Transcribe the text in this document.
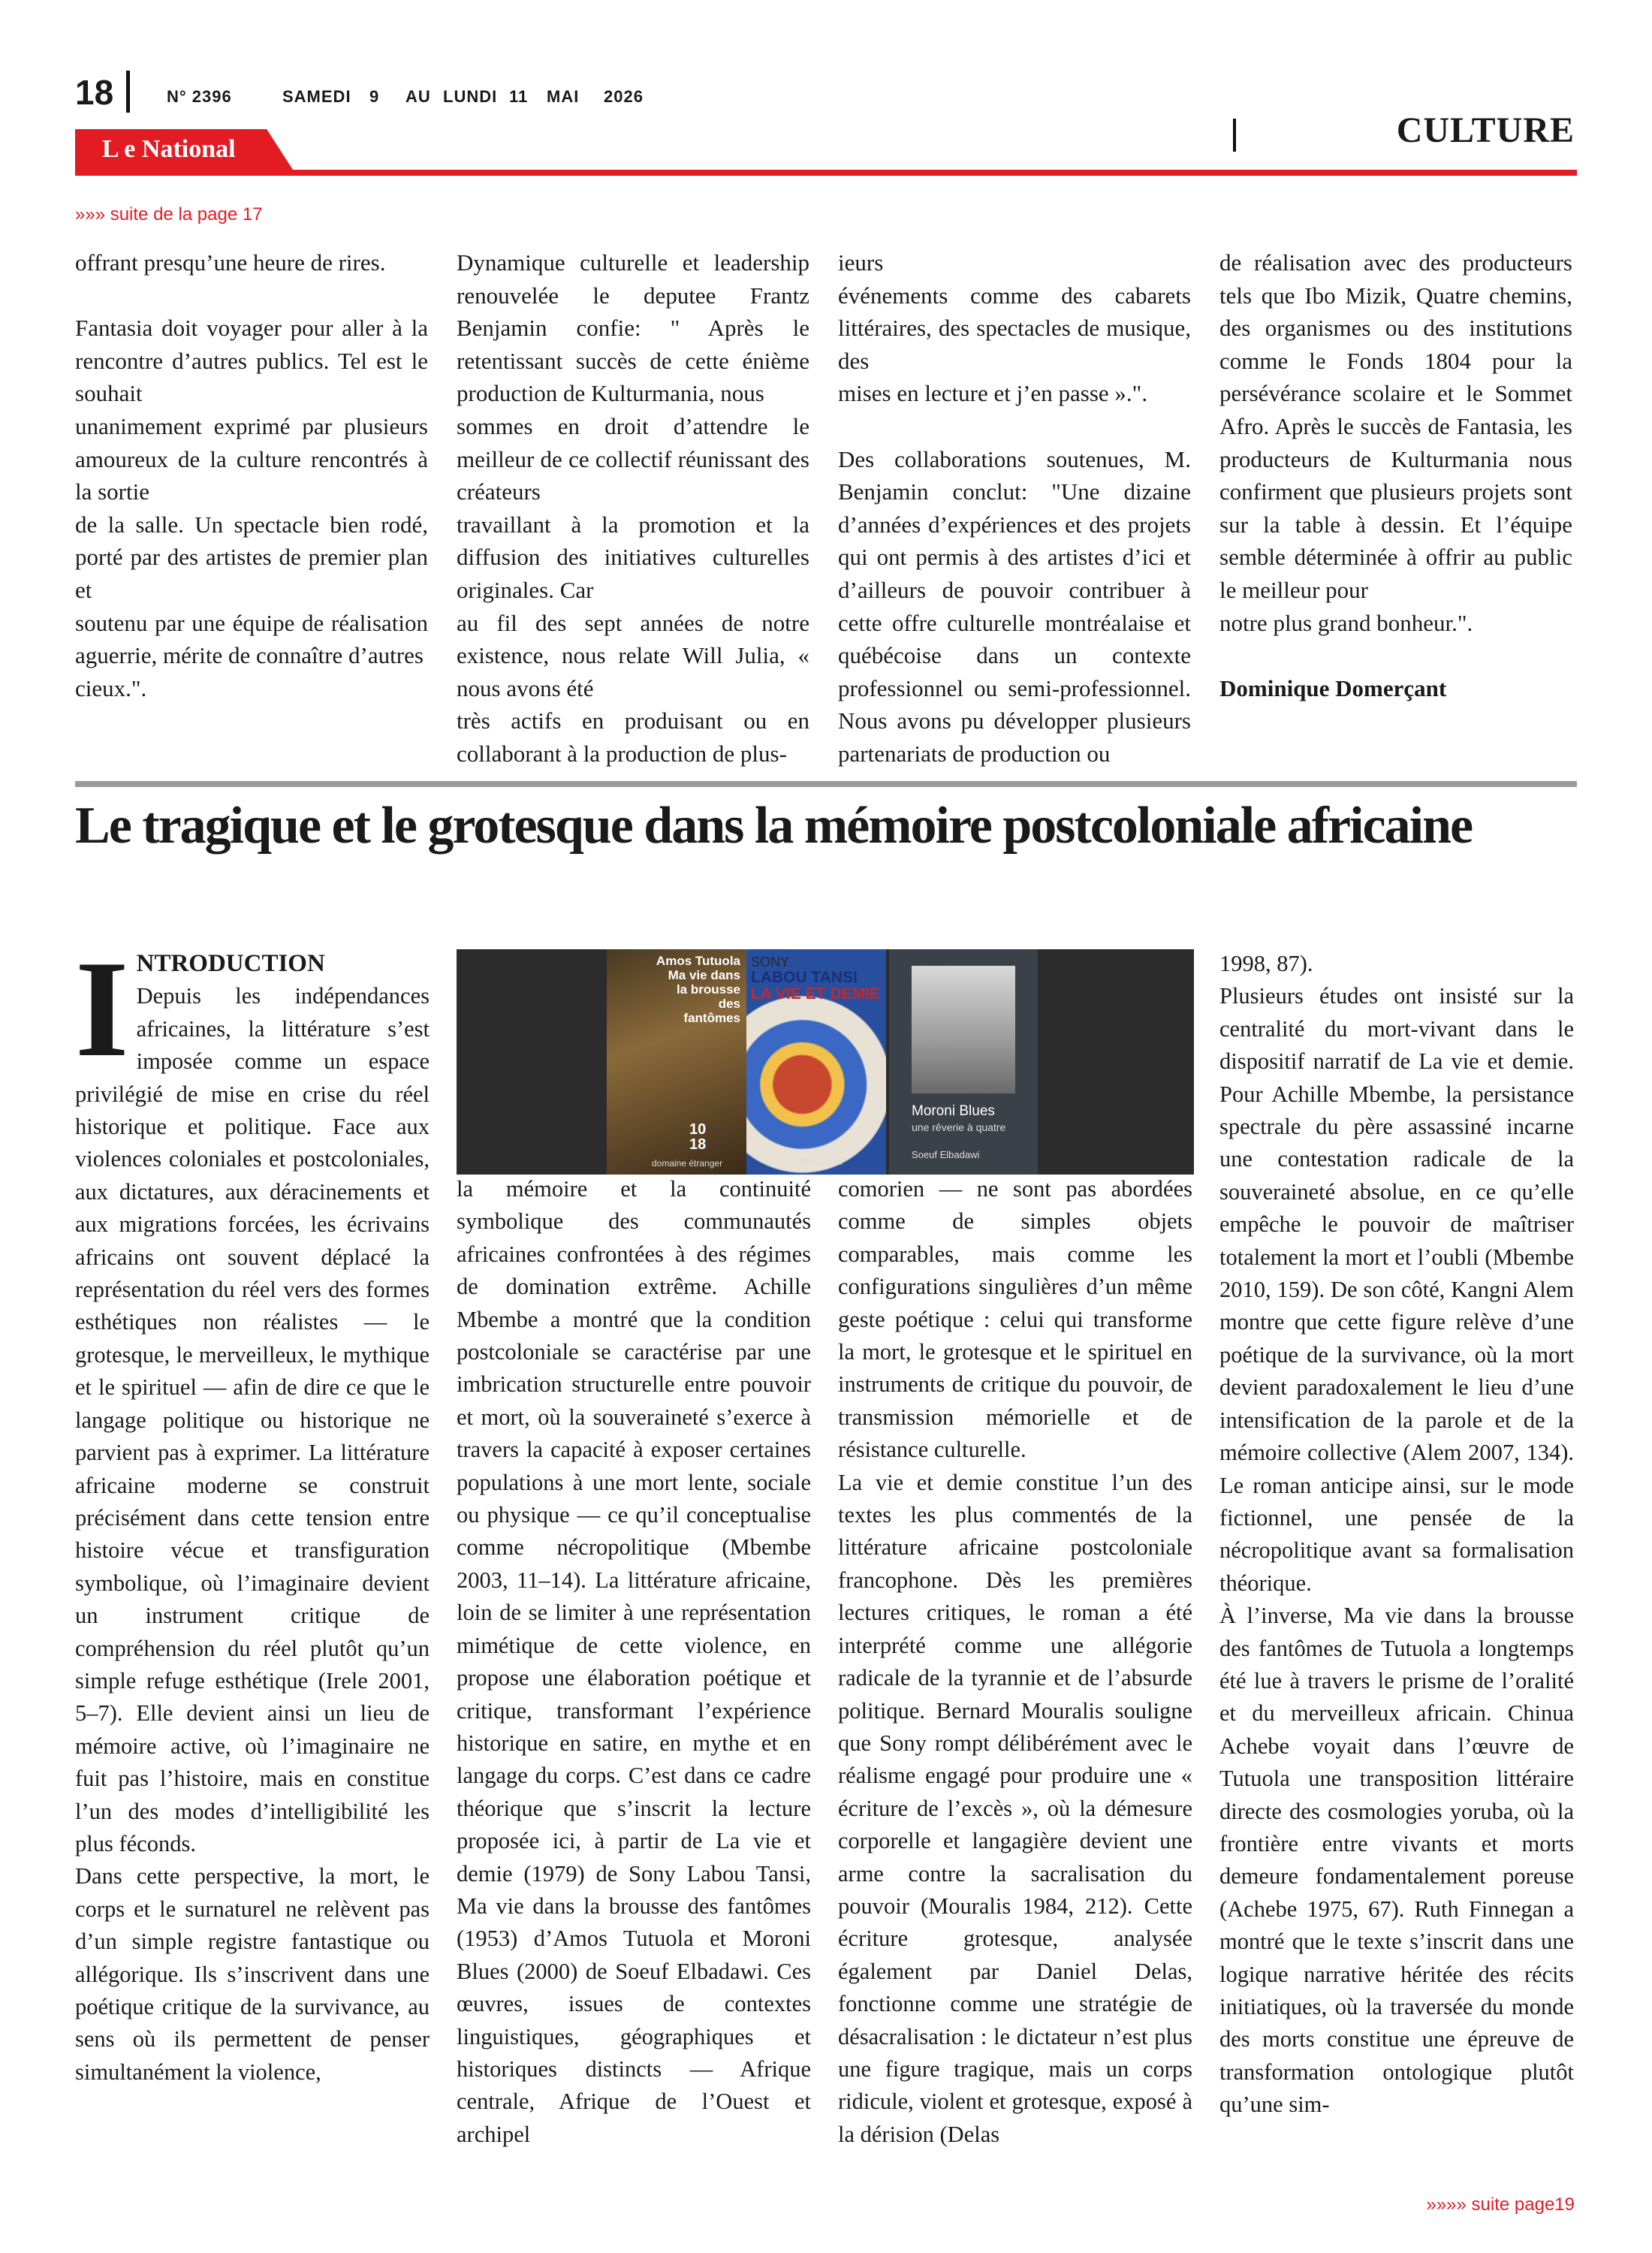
18	N° 2396	SAMEDI 9 AU LUNDI 11 MAI 2026
CULTURE
L e National
»»» suite de la page 17

offrant presqu’une heure de rires.

Fantasia doit voyager pour aller à la rencontre d’autres publics. Tel est le souhait

unanimement exprimé par plusieurs amoureux de la culture rencontrés à la sortie

de la salle. Un spectacle bien rodé, porté par des artistes de premier plan et

soutenu par une équipe de réalisation aguerrie, mérite de connaître d’autres

cieux.".

Dynamique culturelle et leadership renouvelée le deputee Frantz Benjamin confie: " Après le retentissant succès de cette énième production de Kulturmania, nous

sommes en droit d’attendre le meilleur de ce collectif réunissant des créateurs

travaillant à la promotion et la diffusion des initiatives culturelles originales. Car

au fil des sept années de notre existence, nous relate Will Julia, « nous avons été

très actifs en produisant ou en collaborant à la production de plus-

ieurs

événements comme des cabarets littéraires, des spectacles de musique, des

mises en lecture et j’en passe ».".

Des collaborations soutenues, M. Benjamin conclut: "Une dizaine d’années d’expériences et des projets qui ont permis à des artistes d’ici et d’ailleurs de pouvoir contribuer à cette offre culturelle montréalaise et québécoise dans un contexte professionnel ou semi-professionnel. Nous avons pu développer plusieurs partenariats de production ou

de réalisation avec des producteurs tels que Ibo Mizik, Quatre chemins, des organismes ou des institutions comme le Fonds 1804 pour la persévérance scolaire et le Sommet Afro. Après le succès de Fantasia, les producteurs de Kulturmania nous confirment que plusieurs projets sont sur la table à dessin. Et l’équipe semble déterminée à offrir au public le meilleur pour

notre plus grand bonheur.".

Dominique Domerçant

Le tragique et le grotesque dans la mémoire postcoloniale africaine
I NTRODUCTION

Depuis les indépendances africaines, la littérature s’est imposée comme un espace privilégié de mise en crise du réel historique et politique. Face aux violences coloniales et postcoloniales, aux dictatures, aux déracinements et aux migrations forcées, les écrivains africains ont souvent déplacé la représentation du réel vers des formes esthétiques non réalistes — le grotesque, le merveilleux, le mythique et le spirituel — afin de dire ce que le langage politique ou historique ne parvient pas à exprimer. La littérature africaine moderne se construit précisément dans cette tension entre histoire vécue et transfiguration symbolique, où l’imaginaire devient un instrument critique de compréhension du réel plutôt qu’un simple refuge esthétique (Irele 2001, 5–7). Elle devient ainsi un lieu de mémoire active, où l’imaginaire ne fuit pas l’histoire, mais en constitue l’un des modes d’intelligibilité les plus féconds.

Dans cette perspective, la mort, le corps et le surnaturel ne relèvent pas d’un simple registre fantastique ou allégorique. Ils s’inscrivent dans une poétique critique de la survivance, au sens où ils permettent de penser simultanément la violence,

Amos Tutuola
Ma vie dans
la brousse
des
fantômes
10
18
domaine étranger
SONY
LABOU TANSI
LA VIE ET DEMIE
Moroni Blues
une rêverie à quatre
Soeuf Elbadawi
Bilk & Soul

la mémoire et la continuité symbolique des communautés africaines confrontées à des régimes de domination extrême. Achille Mbembe a montré que la condition postcoloniale se caractérise par une imbrication structurelle entre pouvoir et mort, où la souveraineté s’exerce à travers la capacité à exposer certaines populations à une mort lente, sociale ou physique — ce qu’il conceptualise comme nécropolitique (Mbembe 2003, 11–14). La littérature africaine, loin de se limiter à une représentation mimétique de cette violence, en propose une élaboration poétique et critique, transformant l’expérience historique en satire, en mythe et en langage du corps. C’est dans ce cadre théorique que s’inscrit la lecture proposée ici, à partir de La vie et demie (1979) de Sony Labou Tansi, Ma vie dans la brousse des fantômes (1953) d’Amos Tutuola et Moroni Blues (2000) de Soeuf Elbadawi. Ces œuvres, issues de contextes linguistiques, géographiques et historiques distincts — Afrique centrale, Afrique de l’Ouest et archipel

comorien — ne sont pas abordées comme de simples objets comparables, mais comme les configurations singulières d’un même geste poétique : celui qui transforme la mort, le grotesque et le spirituel en instruments de critique du pouvoir, de transmission mémorielle et de résistance culturelle.

La vie et demie constitue l’un des textes les plus commentés de la littérature africaine postcoloniale francophone. Dès les premières lectures critiques, le roman a été interprété comme une allégorie radicale de la tyrannie et de l’absurde politique. Bernard Mouralis souligne que Sony rompt délibérément avec le réalisme engagé pour produire une « écriture de l’excès », où la démesure corporelle et langagière devient une arme contre la sacralisation du pouvoir (Mouralis 1984, 212). Cette écriture grotesque, analysée également par Daniel Delas, fonctionne comme une stratégie de désacralisation : le dictateur n’est plus une figure tragique, mais un corps ridicule, violent et grotesque, exposé à la dérision (Delas

1998, 87).

Plusieurs études ont insisté sur la centralité du mort-vivant dans le dispositif narratif de La vie et demie. Pour Achille Mbembe, la persistance spectrale du père assassiné incarne une contestation radicale de la souveraineté absolue, en ce qu’elle empêche le pouvoir de maîtriser totalement la mort et l’oubli (Mbembe 2010, 159). De son côté, Kangni Alem montre que cette figure relève d’une poétique de la survivance, où la mort devient paradoxalement le lieu d’une intensification de la parole et de la mémoire collective (Alem 2007, 134). Le roman anticipe ainsi, sur le mode fictionnel, une pensée de la nécropolitique avant sa formalisation théorique.

À l’inverse, Ma vie dans la brousse des fantômes de Tutuola a longtemps été lue à travers le prisme de l’oralité et du merveilleux africain. Chinua Achebe voyait dans l’œuvre de Tutuola une transposition littéraire directe des cosmologies yoruba, où la frontière entre vivants et morts demeure fondamentalement poreuse (Achebe 1975, 67). Ruth Finnegan a montré que le texte s’inscrit dans une logique narrative héritée des récits initiatiques, où la traversée du monde des morts constitue une épreuve de transformation ontologique plutôt qu’une sim-

»»»» suite page19
